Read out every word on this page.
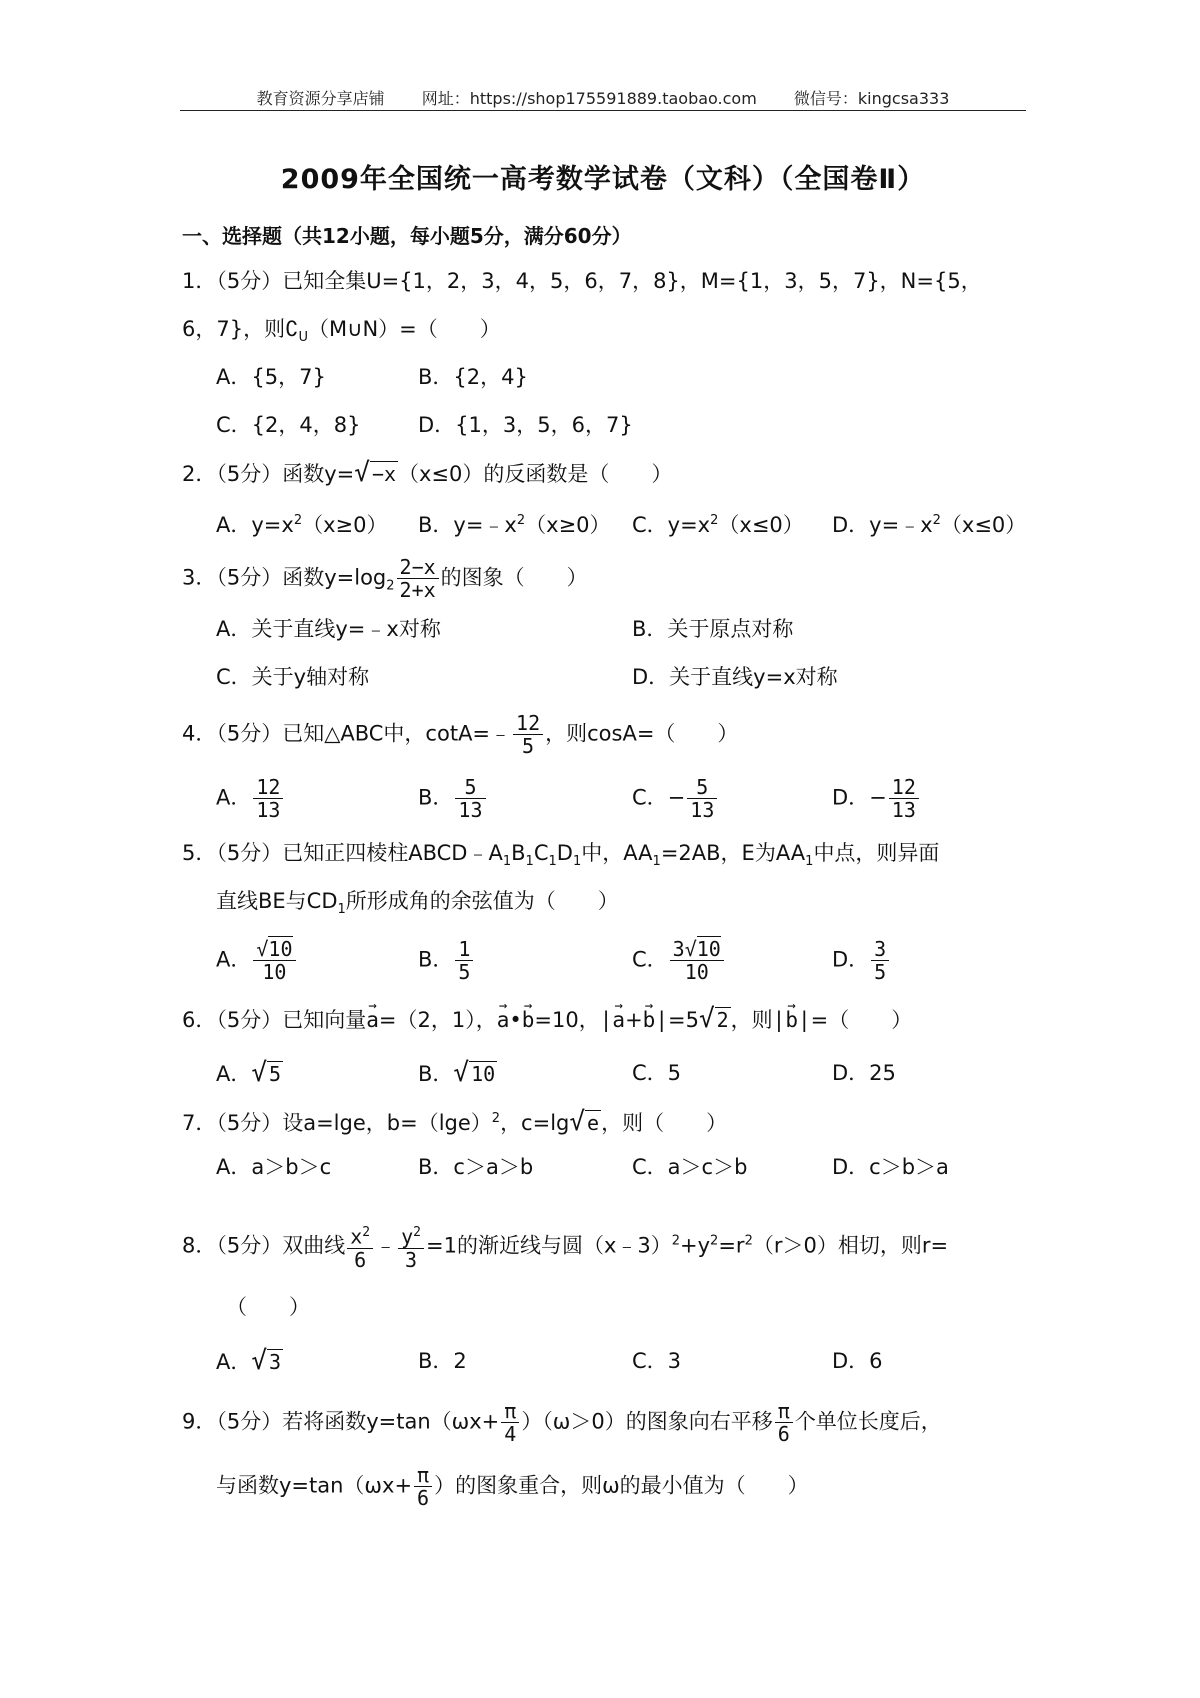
教育资源分享店铺 网址：https://shop175591889.taobao.com 微信号：kingcsa333
2009年全国统一高考数学试卷（文科）（全国卷Ⅱ）
一、选择题（共12小题，每小题5分，满分60分）
1．（5分）已知全集U={1，2，3，4，5，6，7，8}，M={1，3，5，7}，N={5，
6，7}，则$∁_U(M\cup N)=$（　　）
A．{5，7}	B．{2，4}
C．{2，4，8}	D．{1，3，5，6，7}
2．（5分）函数y=√ −x（x≤0）的反函数是（　　）
A．$y=x^2(x\ge 0)$ B．$y=﹣x^2(x\ge 0)$ C．$y=x^2(x\le 0)$ D．$y=﹣x^2(x\le 0)$
3．（5分）函数$y=\log_2 \frac{2-x}{2+x}$ 的图象（　　）
A．关于直线y=﹣x对称	B．关于原点对称
C．关于y轴对称	D．关于直线y=x对称
4．（5分）已知△ABC中，cotA=﹣ $\frac{12}{5}$ ，则cosA=（　　）
A． $\frac{12}{13}$	B． $\frac{5}{13}$	C．− $\frac{5}{13}$	D．− $\frac{12}{13}$
5．（5分）已知正四棱柱$ABCD﹣A_1B_1C_1D_1$中，$AA_1=2AB$，E为$AA_1$中点，则异面
直线BE与$CD_1$所形成角的余弦值为（　　）
A． $\frac{√10}{10}$	B． $\frac{1}{5}$	C． $\frac{3√10}{10}$	D． $\frac{3}{5}$
6．（5分）已知向量→ a=（2，1），→ a•→ b=10，|→ a+→ b|=5√ 2，则|→ b|=（　　）
A．√ 5	B．√ 10	C．5	D．25
7．（5分）设a=lge，$b=(\lg e)^2$，c=lg√ e，则（　　）
A．a＞b＞c	B．c＞a＞b	C．a＞c＞b	D．c＞b＞a
8．（5分）双曲线 $\frac{x^2}{6}$ ﹣ $\frac{y^2}{3} =1$的渐近线与圆$(x﹣3)^2+y^2=r^2(r>0)$相切，则r=
（　　）
A．√ 3	B．2	C．3	D．6
9．（5分）若将函数$y=\tan(\omega x+ \frac{\pi}{4} )(\omega>0)$的图象向右平移 $\frac{\pi}{6}$ 个单位长度后，
与函数$y=\tan(\omega x+ \frac{\pi}{6}$ ）的图象重合，则ω的最小值为（　　）
